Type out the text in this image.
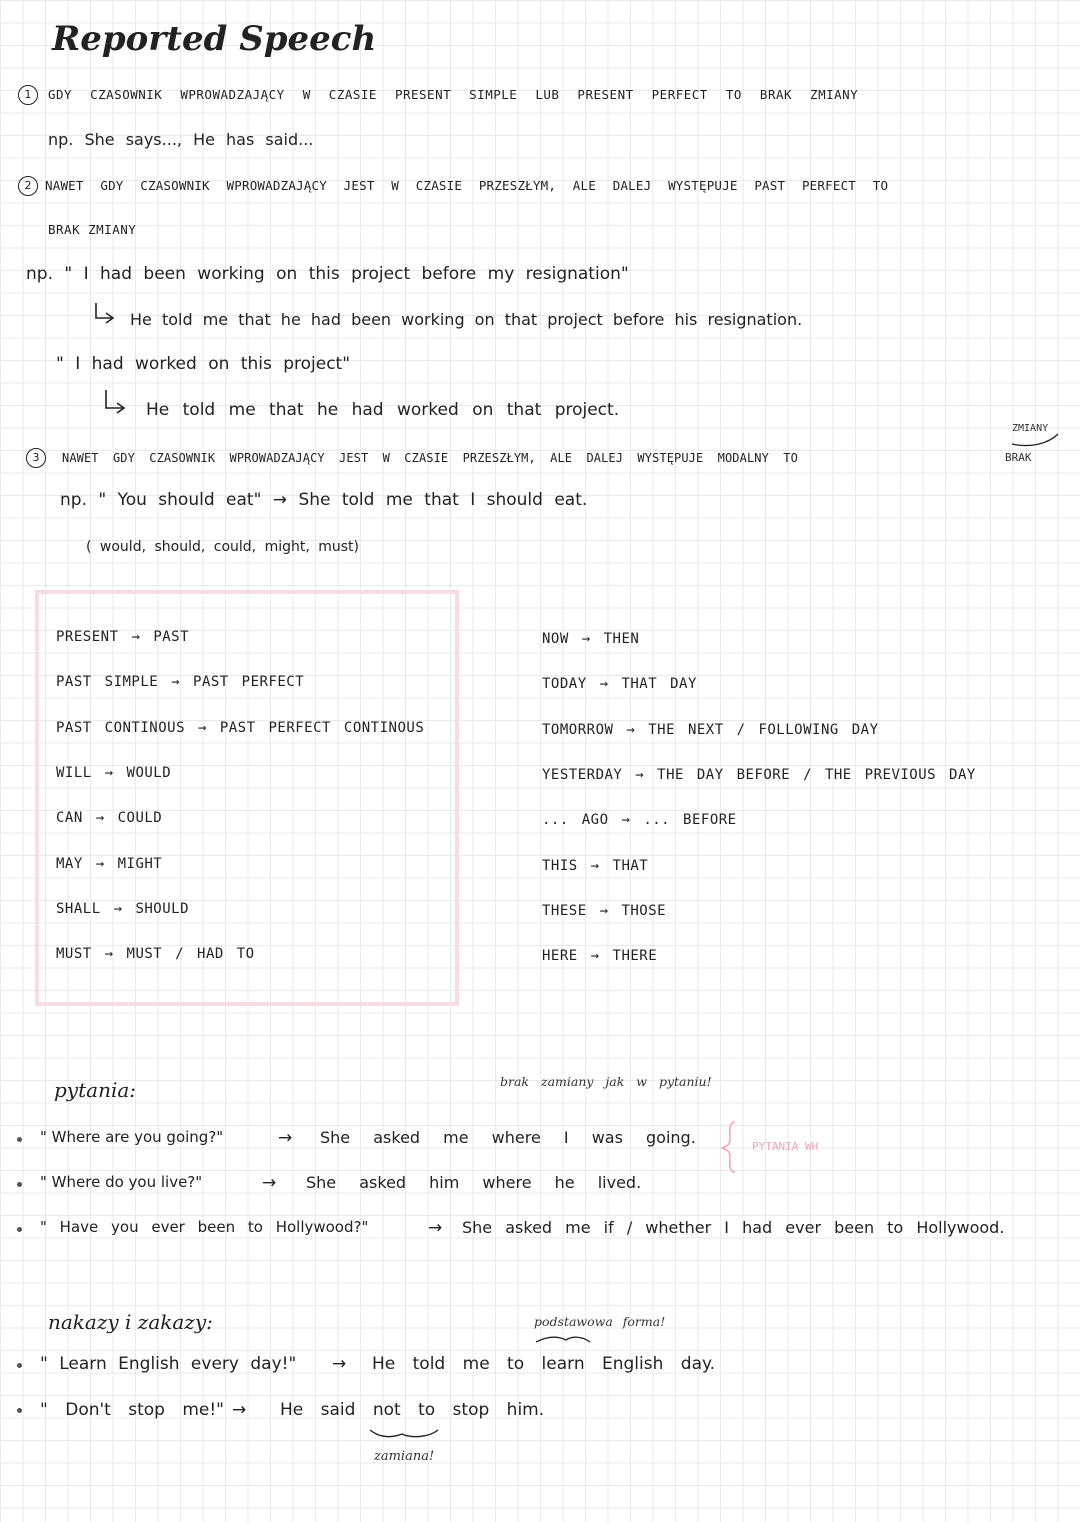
Reported Speech
1	GDY CZASOWNIK WPROWADZAJĄCY W CZASIE PRESENT SIMPLE LUB PRESENT PERFECT TO BRAK ZMIANY
np. She says..., He has said...
2	NAWET GDY CZASOWNIK WPROWADZAJĄCY JEST W CZASIE PRZESZŁYM, ALE DALEJ WYSTĘPUJE PAST PERFECT TO
BRAK ZMIANY
np. " I had been working on this project before my resignation"
He told me that he had been working on that project before his resignation.
" I had worked on this project"
He told me that he had worked on that project.
3	NAWET GDY CZASOWNIK WPROWADZAJĄCY JEST W CZASIE PRZESZŁYM, ALE DALEJ WYSTĘPUJE MODALNY TO
ZMIANY
BRAK
np. " You should eat" → She told me that I should eat.
( would, should, could, might, must)
PRESENT → PAST
PAST SIMPLE → PAST PERFECT
PAST CONTINOUS → PAST PERFECT CONTINOUS
WILL → WOULD
CAN → COULD
MAY → MIGHT
SHALL → SHOULD
MUST → MUST / HAD TO
NOW → THEN
TODAY → THAT DAY
TOMORROW → THE NEXT / FOLLOWING DAY
YESTERDAY → THE DAY BEFORE / THE PREVIOUS DAY
... AGO → ... BEFORE
THIS → THAT
THESE → THOSE
HERE → THERE
pytania:	brak zamiany jak w pytaniu!
PYTANIA WH
" Where are you going?"	→ She asked me where I was going.
" Where do you live?"	→ She asked him where he lived.
" Have you ever been to Hollywood?"	→ She asked me if / whether I had ever been to Hollywood.
nakazy i zakazy:	podstawowa forma!
" Learn English every day!" → He told me to learn English day.
" Don't stop me!" → He said not to stop him.
zamiana!
